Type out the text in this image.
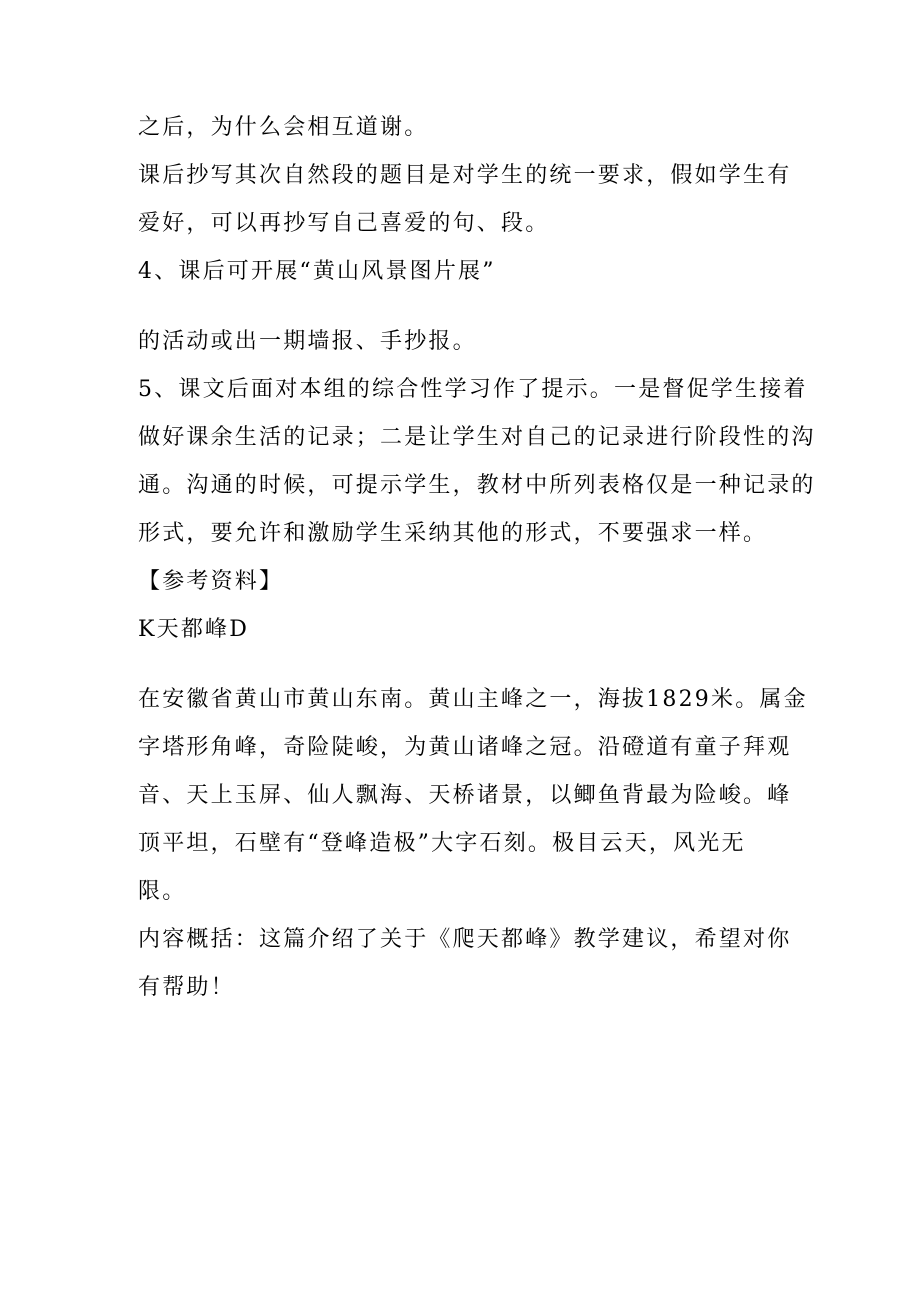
之后，为什么会相互道谢。

课后抄写其次自然段的题目是对学生的统一要求，假如学生有

爱好，可以再抄写自己喜爱的句、段。

4、课后可开展“黄山风景图片展”

的活动或出一期墙报、手抄报。

5、课文后面对本组的综合性学习作了提示。一是督促学生接着

做好课余生活的记录；二是让学生对自己的记录进行阶段性的沟

通。沟通的时候，可提示学生，教材中所列表格仅是一种记录的

形式，要允许和激励学生采纳其他的形式，不要强求一样。

【参考资料】

K天都峰D

在安徽省黄山市黄山东南。黄山主峰之一，海拔1829米。属金

字塔形角峰，奇险陡峻，为黄山诸峰之冠。沿磴道有童子拜观

音、天上玉屏、仙人飘海、天桥诸景，以鲫鱼背最为险峻。峰

顶平坦，石壁有“登峰造极”大字石刻。极目云天，风光无

限。

内容概括：这篇介绍了关于《爬天都峰》教学建议，希望对你

有帮助！
